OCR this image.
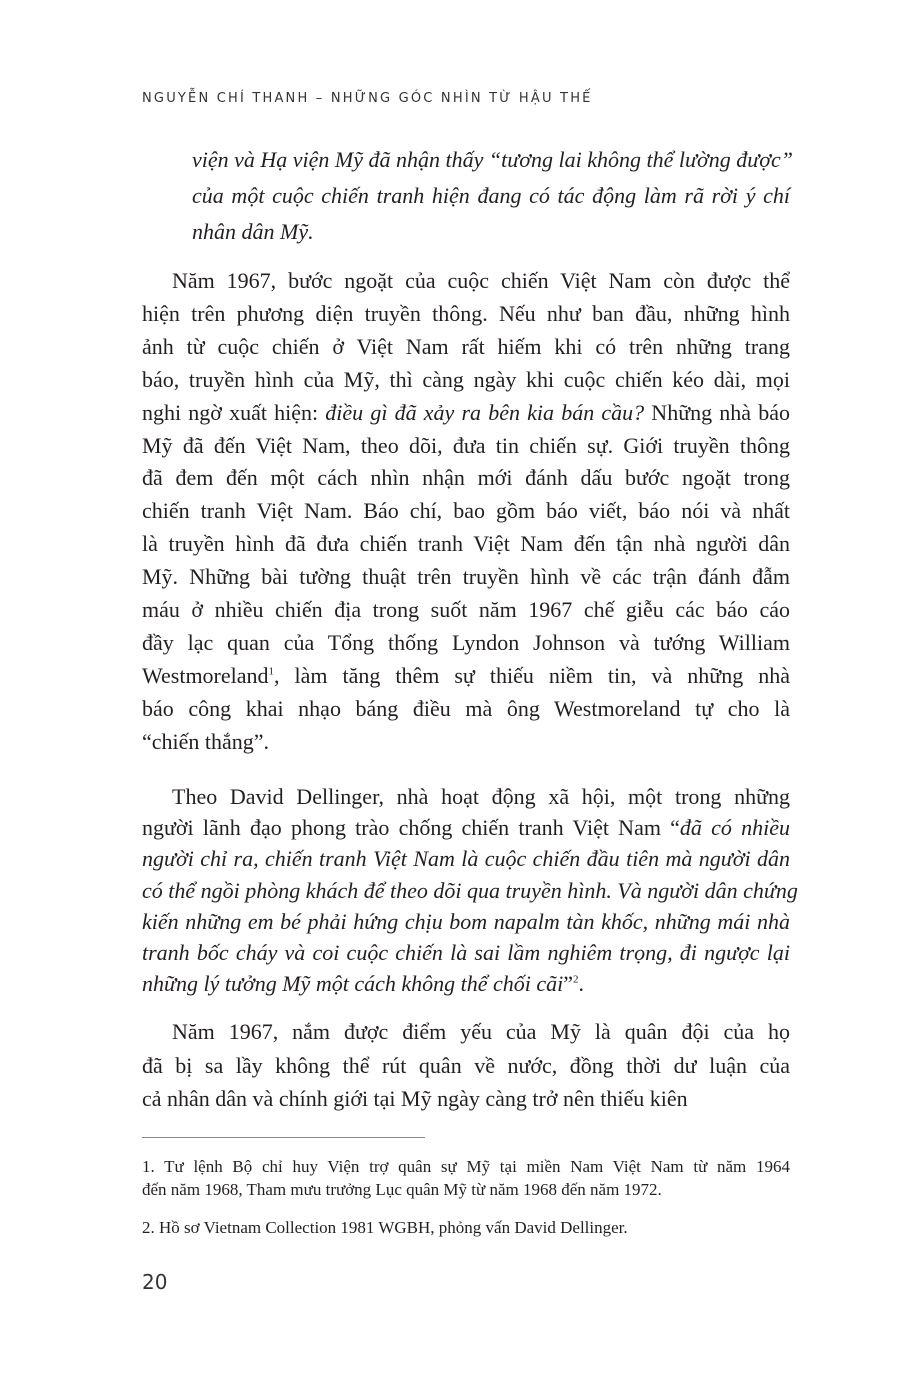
NGUYỄN CHÍ THANH – NHỮNG GÓC NHÌN TỪ HẬU THẾ
viện và Hạ viện Mỹ đã nhận thấy “tương lai không thể lường được”
của một cuộc chiến tranh hiện đang có tác động làm rã rời ý chí
nhân dân Mỹ.
Năm 1967, bước ngoặt của cuộc chiến Việt Nam còn được thể
hiện trên phương diện truyền thông. Nếu như ban đầu, những hình
ảnh từ cuộc chiến ở Việt Nam rất hiếm khi có trên những trang
báo, truyền hình của Mỹ, thì càng ngày khi cuộc chiến kéo dài, mọi
nghi ngờ xuất hiện: điều gì đã xảy ra bên kia bán cầu? Những nhà báo
Mỹ đã đến Việt Nam, theo dõi, đưa tin chiến sự. Giới truyền thông
đã đem đến một cách nhìn nhận mới đánh dấu bước ngoặt trong
chiến tranh Việt Nam. Báo chí, bao gồm báo viết, báo nói và nhất
là truyền hình đã đưa chiến tranh Việt Nam đến tận nhà người dân
Mỹ. Những bài tường thuật trên truyền hình về các trận đánh đẫm
máu ở nhiều chiến địa trong suốt năm 1967 chế giễu các báo cáo
đầy lạc quan của Tổng thống Lyndon Johnson và tướng William
Westmoreland$^1$, làm tăng thêm sự thiếu niềm tin, và những nhà
báo công khai nhạo báng điều mà ông Westmoreland tự cho là
“chiến thắng”.
Theo David Dellinger, nhà hoạt động xã hội, một trong những
người lãnh đạo phong trào chống chiến tranh Việt Nam “đã có nhiều
người chỉ ra, chiến tranh Việt Nam là cuộc chiến đầu tiên mà người dân
có thể ngồi phòng khách để theo dõi qua truyền hình. Và người dân chứng
kiến những em bé phải hứng chịu bom napalm tàn khốc, những mái nhà
tranh bốc cháy và coi cuộc chiến là sai lầm nghiêm trọng, đi ngược lại
những lý tưởng Mỹ một cách không thể chối cãi”$^2$.
Năm 1967, nắm được điểm yếu của Mỹ là quân đội của họ
đã bị sa lầy không thể rút quân về nước, đồng thời dư luận của
cả nhân dân và chính giới tại Mỹ ngày càng trở nên thiếu kiên
1. Tư lệnh Bộ chỉ huy Viện trợ quân sự Mỹ tại miền Nam Việt Nam từ năm 1964
đến năm 1968, Tham mưu trưởng Lục quân Mỹ từ năm 1968 đến năm 1972.
2. Hồ sơ Vietnam Collection 1981 WGBH, phỏng vấn David Dellinger.
20
